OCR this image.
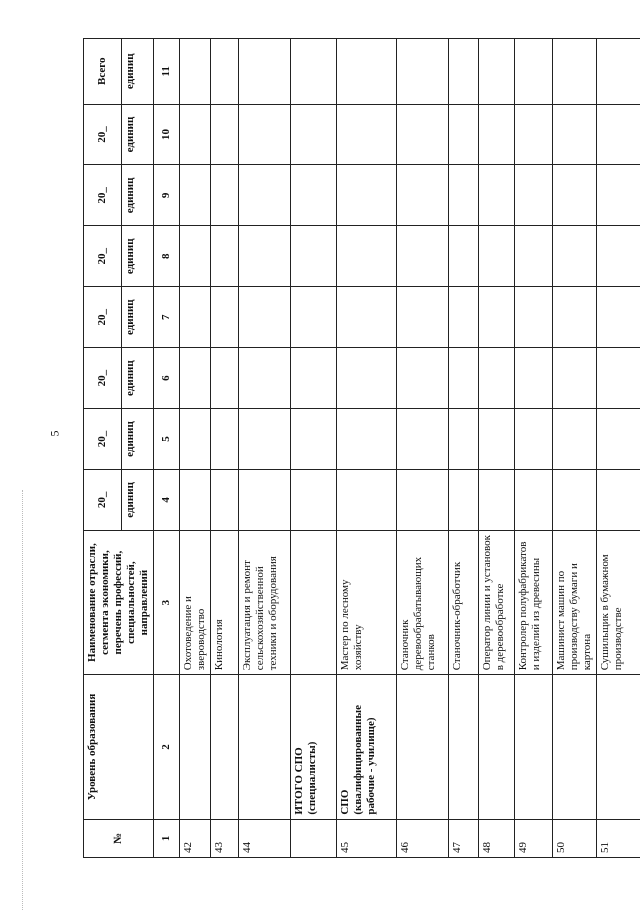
5
№	Уровень образования	Наименование отрасли, сегмента экономики, перечень профессий, специальностей, направлений	20_	20_	20_	20_	20_	20_	20_	Всего
			единиц	единиц	единиц	единиц	единиц	единиц	единиц	единиц
1	2	3	4	5	6	7	8	9	10	11
42		Охотоведение и звероводство								
43		Кинология								
44		Эксплуатация и ремонт сельскохозяйственной техники и оборудования								
	ИТОГО СПО (специалисты)									
45	СПО (квалифицированные рабочие - училище)	Мастер по лесному хозяйству								
46		Станочник деревообрабатывающих станков								
47		Станочник-обработчик								
48		Оператор линии и установок в деревообработке								
49		Контролер полуфабрикатов и изделий из древесины								
50		Машинист машин по производству бумаги и картона								
51		Сушильщик в бумажном производстве								
